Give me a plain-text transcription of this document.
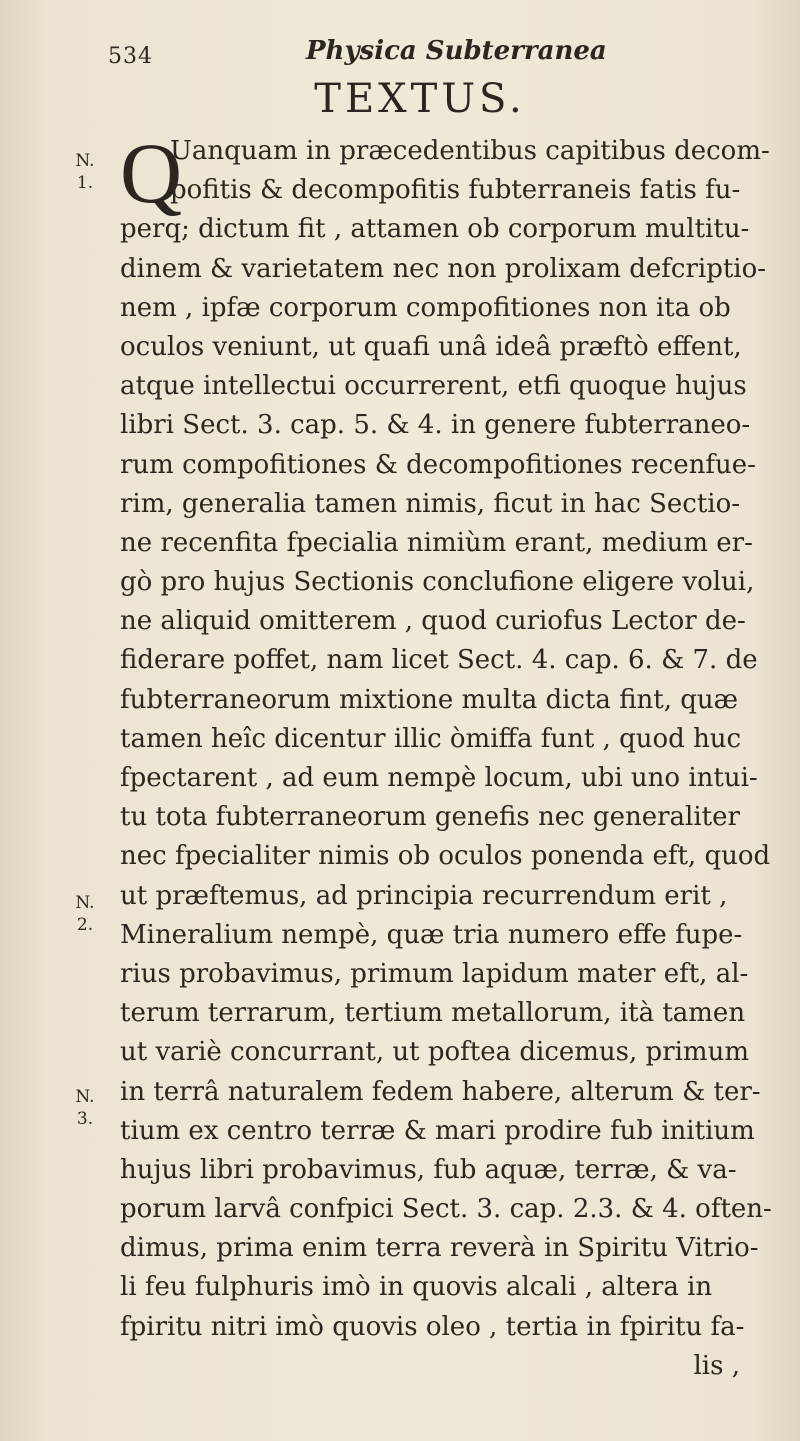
534	Physica Subterranea
TEXTUS.
N.
1.
N.
2.
N.
3.
Q
Uanquam in præcedentibus capitibus decom-
pofitis & decompofitis fubterraneis fatis fu-
perq; dictum fit , attamen ob corporum multitu-
dinem & varietatem nec non prolixam defcriptio-
nem , ipfæ corporum compofitiones non ita ob
oculos veniunt, ut quafi unâ ideâ præftò effent,
atque intellectui occurrerent, etfi quoque hujus
libri Sect. 3. cap. 5. & 4. in genere fubterraneo-
rum compofitiones & decompofitiones recenfue-
rim, generalia tamen nimis, ficut in hac Sectio-
ne recenfita fpecialia nimiùm erant, medium er-
gò pro hujus Sectionis conclufione eligere volui,
ne aliquid omitterem , quod curiofus Lector de-
fiderare poffet, nam licet Sect. 4. cap. 6. & 7. de
fubterraneorum mixtione multa dicta fint, quæ
tamen heîc dicentur illic òmiffa funt , quod huc
fpectarent , ad eum nempè locum, ubi uno intui-
tu tota fubterraneorum genefis nec generaliter
nec fpecialiter nimis ob oculos ponenda eft, quod
ut præftemus, ad principia recurrendum erit ,
Mineralium nempè, quæ tria numero effe fupe-
rius probavimus, primum lapidum mater eft, al-
terum terrarum, tertium metallorum, ità tamen
ut variè concurrant, ut poftea dicemus, primum
in terrâ naturalem fedem habere, alterum & ter-
tium ex centro terræ & mari prodire fub initium
hujus libri probavimus, fub aquæ, terræ, & va-
porum larvâ confpici Sect. 3. cap. 2.3. & 4. often-
dimus, prima enim terra reverà in Spiritu Vitrio-
li feu fulphuris imò in quovis alcali , altera in
fpiritu nitri imò quovis oleo , tertia in fpiritu fa-
lis ,
